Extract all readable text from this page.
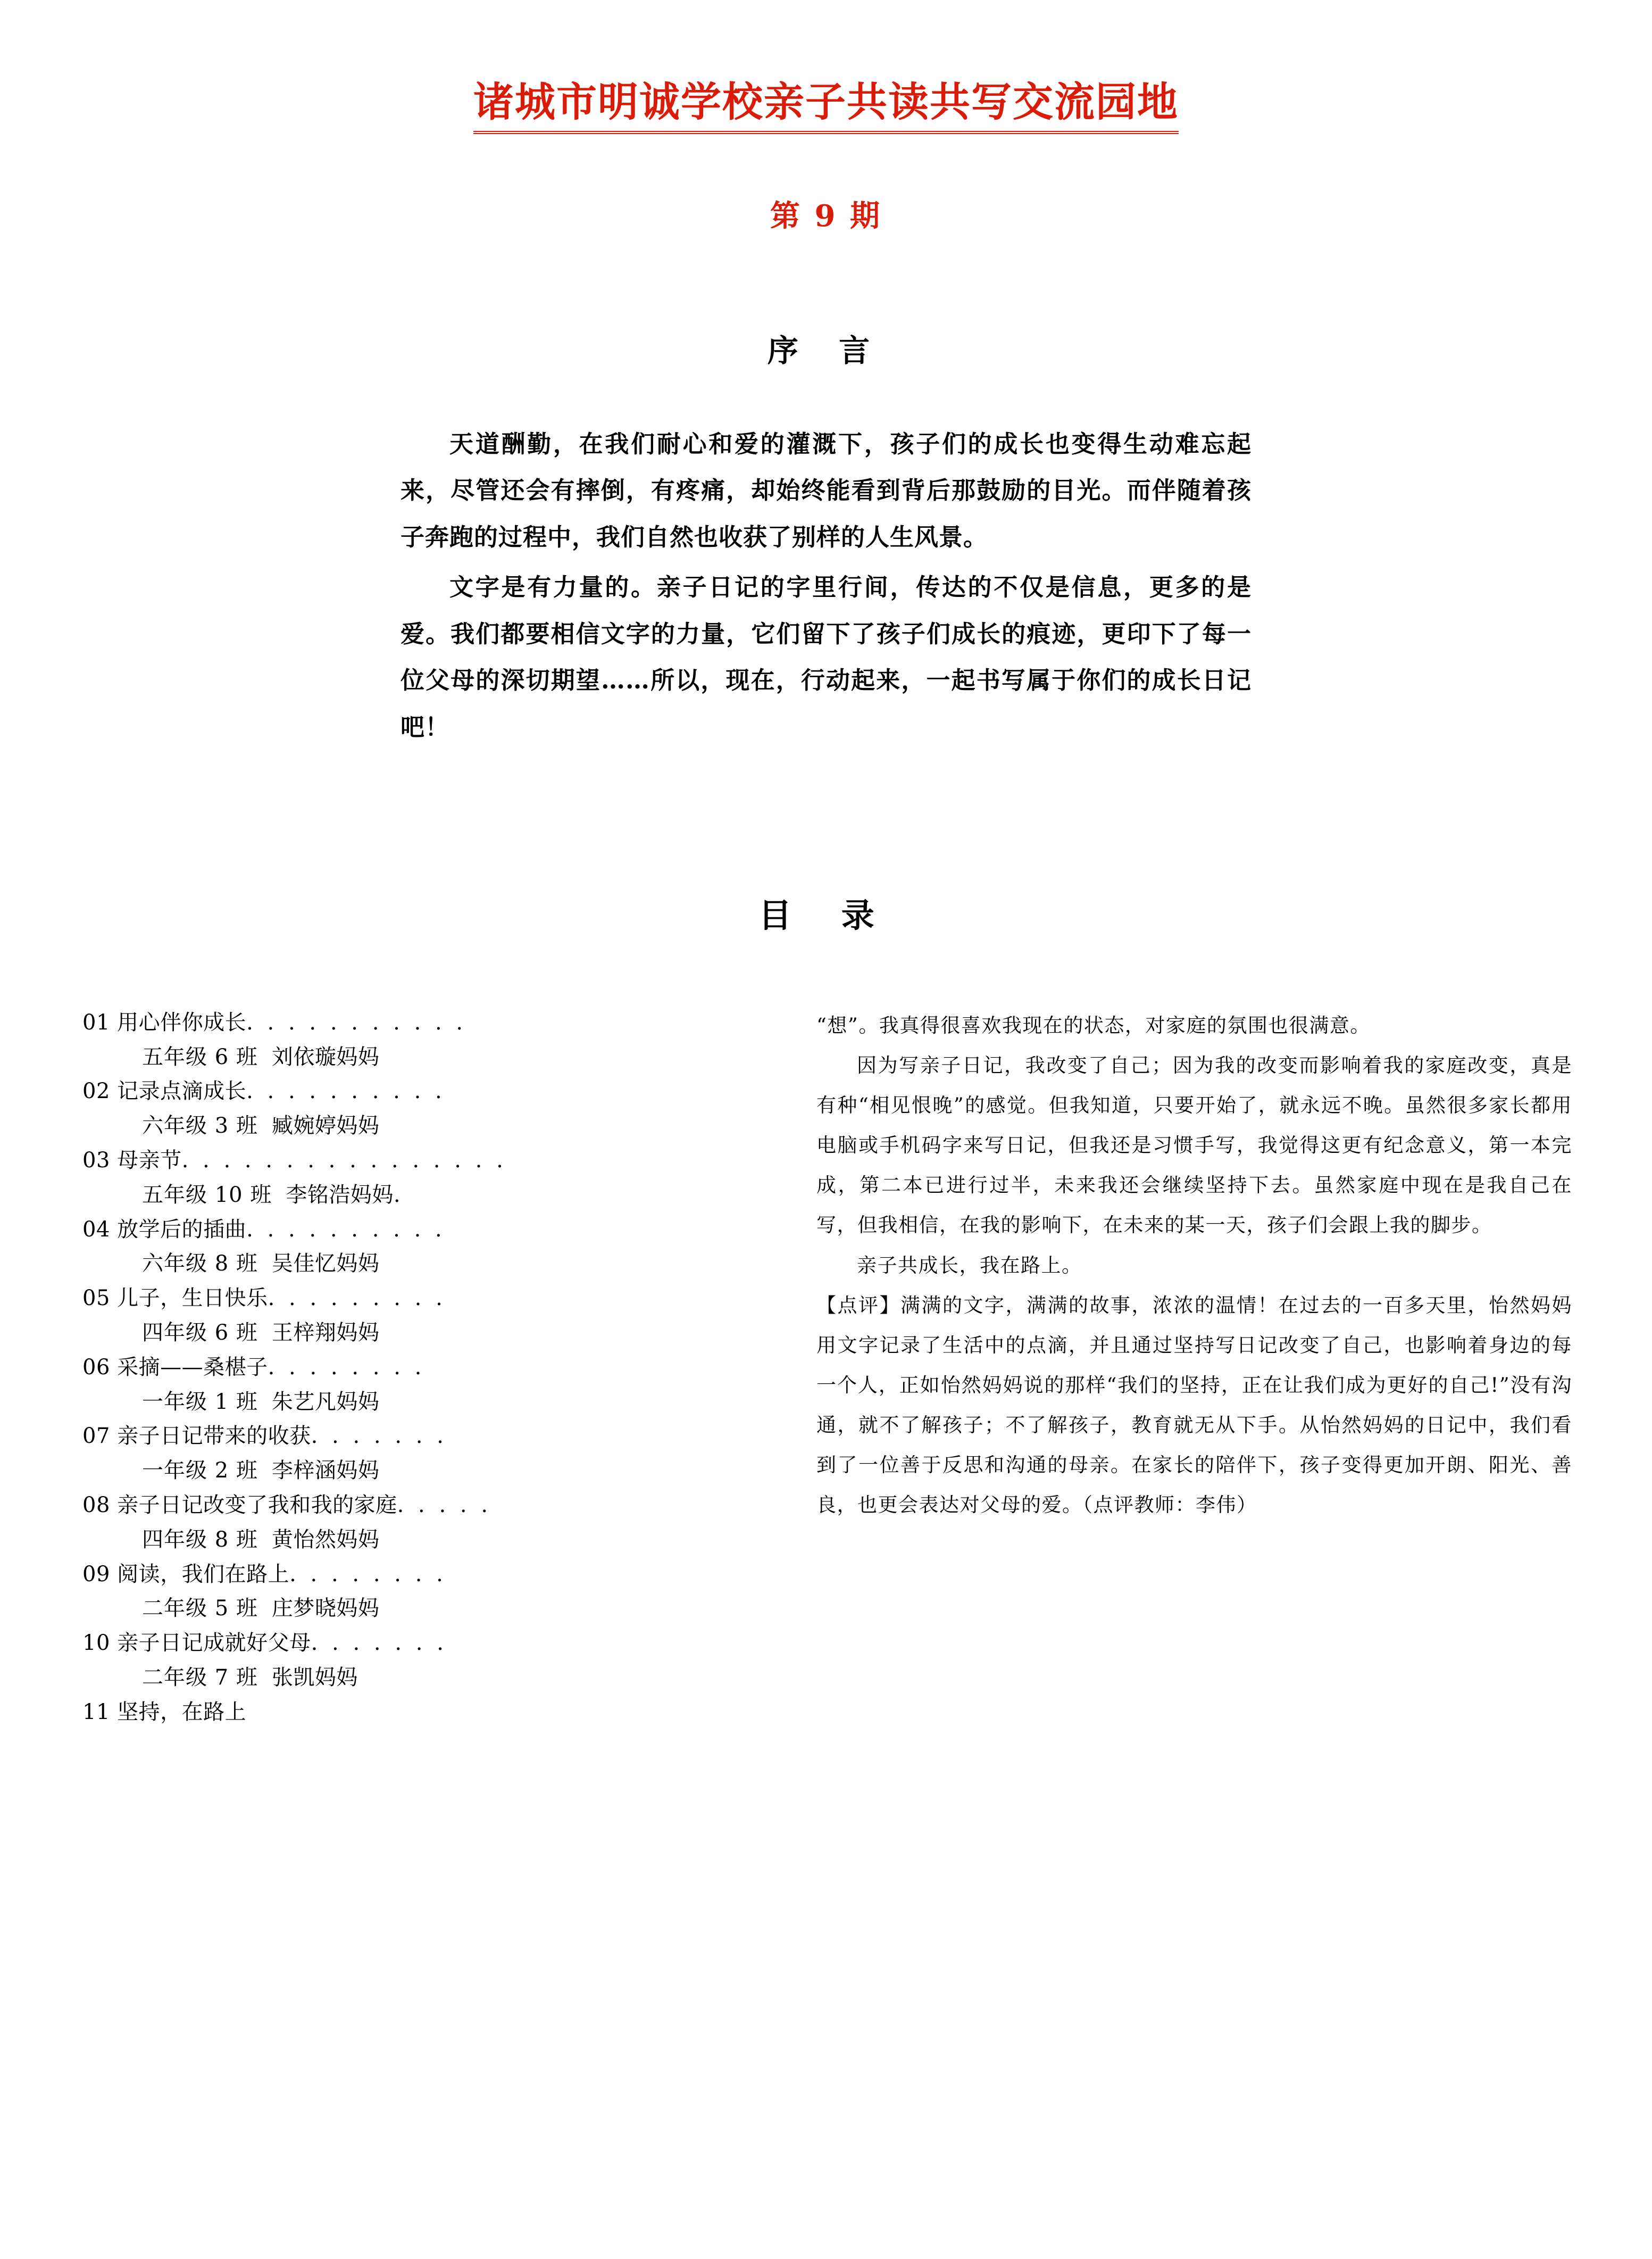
诸城市明诚学校亲子共读共写交流园地
第 9 期
序 言

天道酬勤，在我们耐心和爱的灌溉下，孩子们的成长也变得生动难忘起来，尽管还会有摔倒，有疼痛，却始终能看到背后那鼓励的目光。而伴随着孩子奔跑的过程中，我们自然也收获了别样的人生风景。

文字是有力量的。亲子日记的字里行间，传达的不仅是信息，更多的是爱。我们都要相信文字的力量，它们留下了孩子们成长的痕迹，更印下了每一位父母的深切期望……所以，现在，行动起来，一起书写属于你们的成长日记吧！

目 录
01 用心伴你成长. . . . . . . . . . .
五年级 6 班 刘依璇妈妈
02 记录点滴成长. . . . . . . . . .
六年级 3 班 臧婉婷妈妈
03 母亲节. . . . . . . . . . . . . . . .
五年级 10 班 李铭浩妈妈.
04 放学后的插曲. . . . . . . . . .
六年级 8 班 吴佳忆妈妈
05 儿子，生日快乐. . . . . . . . .
四年级 6 班 王梓翔妈妈
06 采摘——桑椹子. . . . . . . .
一年级 1 班 朱艺凡妈妈
07 亲子日记带来的收获. . . . . . .
一年级 2 班 李梓涵妈妈
08 亲子日记改变了我和我的家庭. . . . .
四年级 8 班 黄怡然妈妈
09 阅读，我们在路上. . . . . . . .
二年级 5 班 庄梦晓妈妈
10 亲子日记成就好父母. . . . . . .
二年级 7 班 张凯妈妈
11 坚持，在路上

“想”。我真得很喜欢我现在的状态，对家庭的氛围也很满意。

因为写亲子日记，我改变了自己；因为我的改变而影响着我的家庭改变，真是有种“相见恨晚”的感觉。但我知道，只要开始了，就永远不晚。虽然很多家长都用电脑或手机码字来写日记，但我还是习惯手写，我觉得这更有纪念意义，第一本完成，第二本已进行过半，未来我还会继续坚持下去。虽然家庭中现在是我自己在写，但我相信，在我的影响下，在未来的某一天，孩子们会跟上我的脚步。

亲子共成长，我在路上。

【点评】满满的文字，满满的故事，浓浓的温情！在过去的一百多天里，怡然妈妈用文字记录了生活中的点滴，并且通过坚持写日记改变了自己，也影响着身边的每一个人，正如怡然妈妈说的那样“我们的坚持，正在让我们成为更好的自己!”没有沟通，就不了解孩子；不了解孩子，教育就无从下手。从怡然妈妈的日记中，我们看到了一位善于反思和沟通的母亲。在家长的陪伴下，孩子变得更加开朗、阳光、善良，也更会表达对父母的爱。（点评教师：李伟）
